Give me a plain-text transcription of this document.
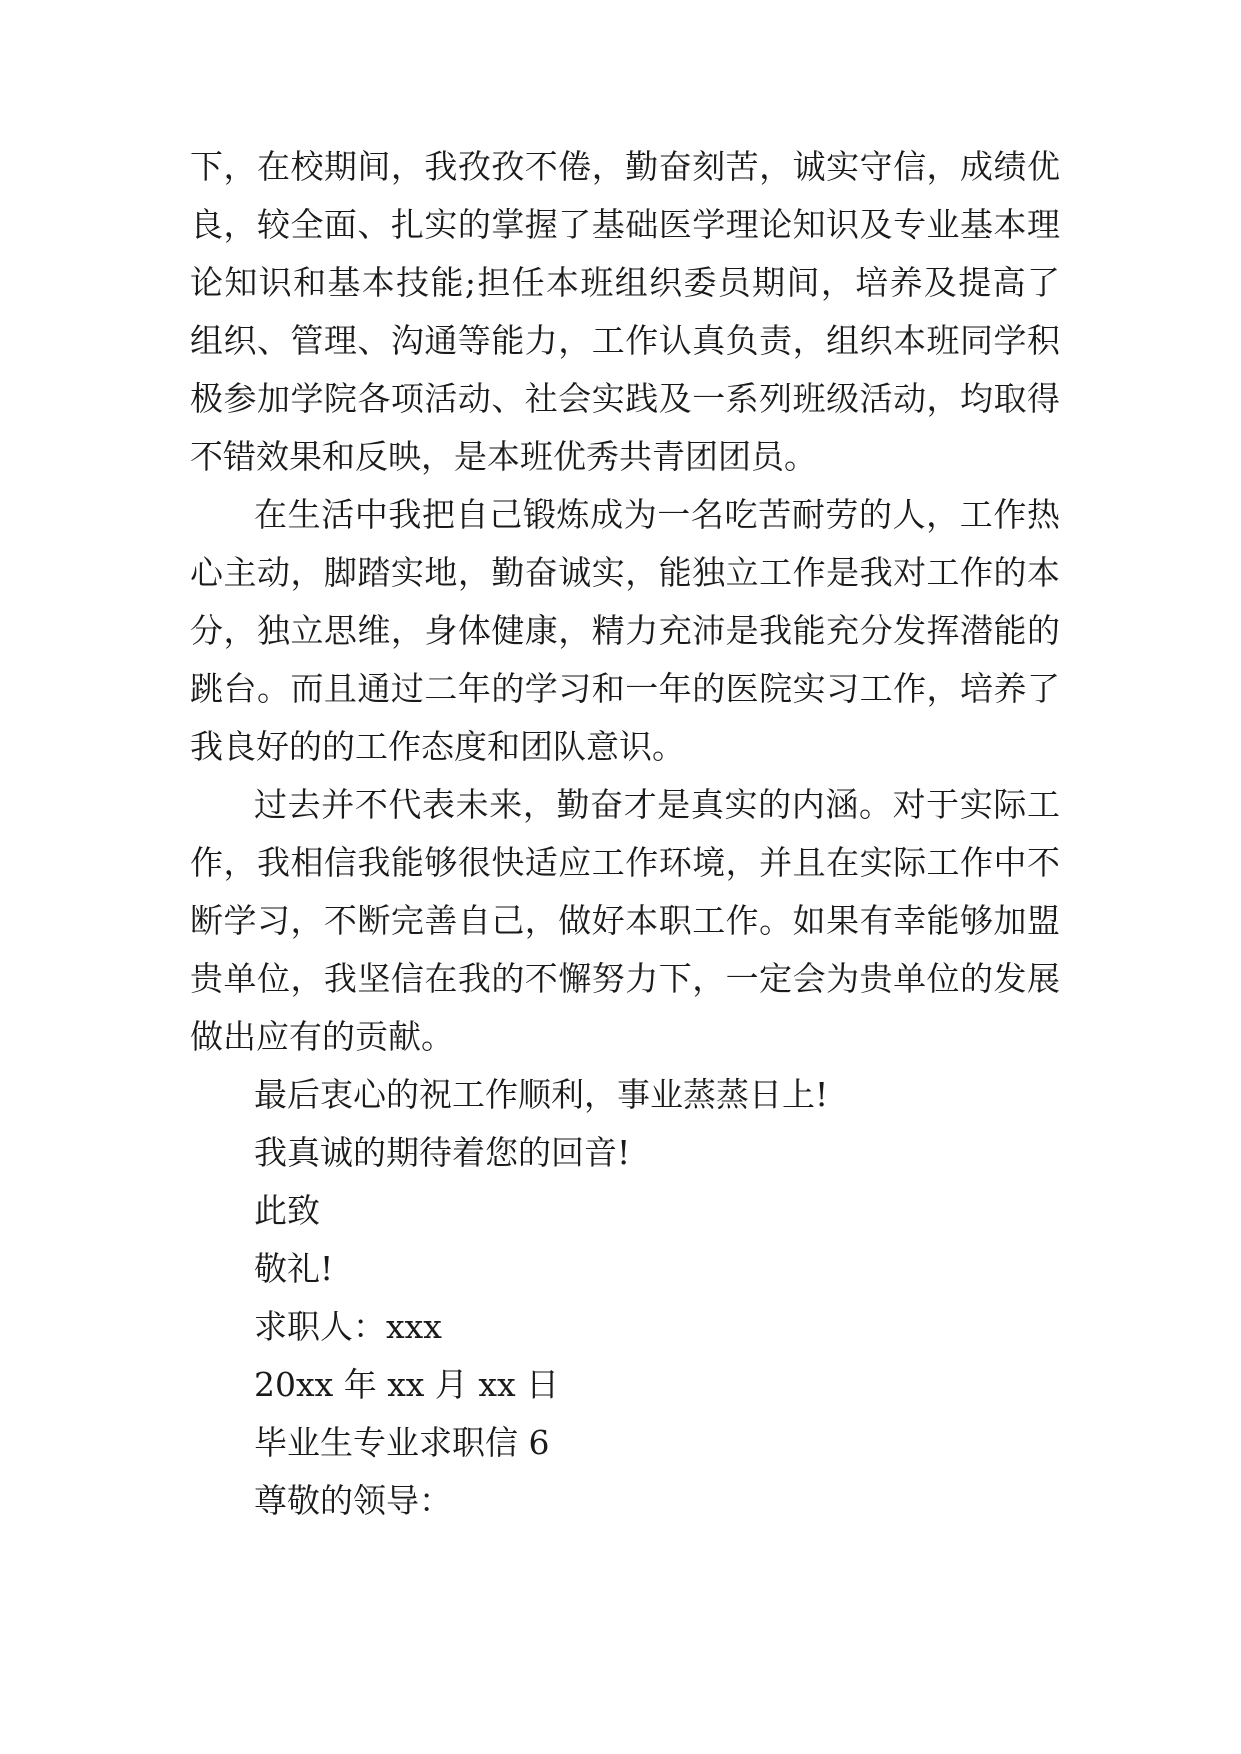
下，在校期间，我孜孜不倦，勤奋刻苦，诚实守信，成绩优
良，较全面、扎实的掌握了基础医学理论知识及专业基本理
论知识和基本技能;担任本班组织委员期间，培养及提高了
组织、管理、沟通等能力，工作认真负责，组织本班同学积
极参加学院各项活动、社会实践及一系列班级活动，均取得
不错效果和反映，是本班优秀共青团团员。
在生活中我把自己锻炼成为一名吃苦耐劳的人，工作热
心主动，脚踏实地，勤奋诚实，能独立工作是我对工作的本
分，独立思维，身体健康，精力充沛是我能充分发挥潜能的
跳台。而且通过二年的学习和一年的医院实习工作，培养了
我良好的的工作态度和团队意识。
过去并不代表未来，勤奋才是真实的内涵。对于实际工
作，我相信我能够很快适应工作环境，并且在实际工作中不
断学习，不断完善自己，做好本职工作。如果有幸能够加盟
贵单位，我坚信在我的不懈努力下，一定会为贵单位的发展
做出应有的贡献。
最后衷心的祝工作顺利，事业蒸蒸日上!
我真诚的期待着您的回音!
此致
敬礼!
求职人：xxx
20xx 年 xx 月 xx 日
毕业生专业求职信 6
尊敬的领导：
